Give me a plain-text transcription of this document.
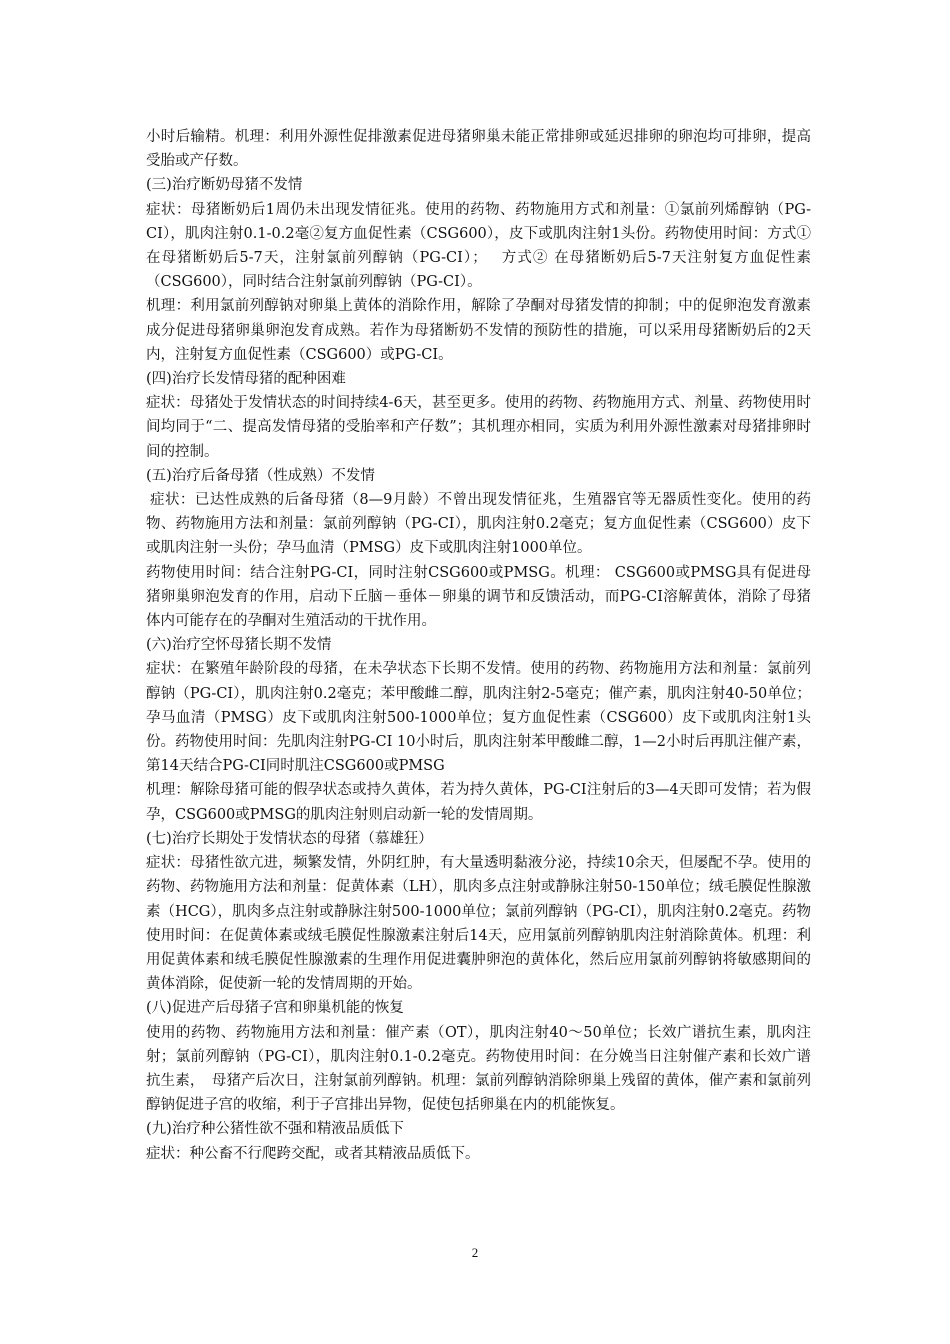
小时后输精。机理：利用外源性促排激素促进母猪卵巢未能正常排卵或延迟排卵的卵泡均可排卵，提高受胎或产仔数。

(三)治疗断奶母猪不发情

症状：母猪断奶后1周仍未出现发情征兆。使用的药物、药物施用方式和剂量：①氯前列烯醇钠（PG-CI），肌肉注射0.1-0.2毫②复方血促性素（CSG600），皮下或肌肉注射1头份。药物使用时间：方式① 在母猪断奶后5-7天，注射氯前列醇钠（PG-CI）；　 方式② 在母猪断奶后5-7天注射复方血促性素（CSG600），同时结合注射氯前列醇钠（PG-CI）。

机理：利用氯前列醇钠对卵巢上黄体的消除作用，解除了孕酮对母猪发情的抑制；中的促卵泡发育激素成分促进母猪卵巢卵泡发育成熟。若作为母猪断奶不发情的预防性的措施，可以采用母猪断奶后的2天内，注射复方血促性素（CSG600）或PG-CI。

(四)治疗长发情母猪的配种困难

症状：母猪处于发情状态的时间持续4-6天，甚至更多。使用的药物、药物施用方式、剂量、药物使用时间均同于“二、提高发情母猪的受胎率和产仔数”；其机理亦相同，实质为利用外源性激素对母猪排卵时间的控制。

(五)治疗后备母猪（性成熟）不发情

症状：已达性成熟的后备母猪（8—9月龄）不曾出现发情征兆，生殖器官等无器质性变化。使用的药物、药物施用方法和剂量：氯前列醇钠（PG-CI），肌肉注射0.2毫克；复方血促性素（CSG600）皮下或肌肉注射一头份；孕马血清（PMSG）皮下或肌肉注射1000单位。

药物使用时间：结合注射PG-CI，同时注射CSG600或PMSG。机理： CSG600或PMSG具有促进母猪卵巢卵泡发育的作用，启动下丘脑－垂体－卵巢的调节和反馈活动，而PG-CI溶解黄体，消除了母猪体内可能存在的孕酮对生殖活动的干扰作用。

(六)治疗空怀母猪长期不发情

症状：在繁殖年龄阶段的母猪，在未孕状态下长期不发情。使用的药物、药物施用方法和剂量：氯前列醇钠（PG-CI），肌肉注射0.2毫克；苯甲酸雌二醇，肌肉注射2-5毫克；催产素，肌肉注射40-50单位；孕马血清（PMSG）皮下或肌肉注射500-1000单位；复方血促性素（CSG600）皮下或肌肉注射1头份。药物使用时间：先肌肉注射PG-CI 10小时后，肌肉注射苯甲酸雌二醇，1—2小时后再肌注催产素，第14天结合PG-CI同时肌注CSG600或PMSG

机理：解除母猪可能的假孕状态或持久黄体，若为持久黄体，PG-CI注射后的3—4天即可发情；若为假孕，CSG600或PMSG的肌肉注射则启动新一轮的发情周期。

(七)治疗长期处于发情状态的母猪（慕雄狂）

症状：母猪性欲亢进，频繁发情，外阴红肿，有大量透明黏液分泌，持续10余天，但屡配不孕。使用的药物、药物施用方法和剂量：促黄体素（LH），肌肉多点注射或静脉注射50-150单位；绒毛膜促性腺激素（HCG），肌肉多点注射或静脉注射500-1000单位；氯前列醇钠（PG-CI），肌肉注射0.2毫克。药物使用时间：在促黄体素或绒毛膜促性腺激素注射后14天，应用氯前列醇钠肌肉注射消除黄体。机理：利用促黄体素和绒毛膜促性腺激素的生理作用促进囊肿卵泡的黄体化，然后应用氯前列醇钠将敏感期间的黄体消除，促使新一轮的发情周期的开始。

(八)促进产后母猪子宫和卵巢机能的恢复

使用的药物、药物施用方法和剂量：催产素（OT），肌肉注射40～50单位；长效广谱抗生素，肌肉注射；氯前列醇钠（PG-CI），肌肉注射0.1-0.2毫克。药物使用时间：在分娩当日注射催产素和长效广谱抗生素，　母猪产后次日，注射氯前列醇钠。机理：氯前列醇钠消除卵巢上残留的黄体，催产素和氯前列醇钠促进子宫的收缩，利于子宫排出异物，促使包括卵巢在内的机能恢复。

(九)治疗种公猪性欲不强和精液品质低下

症状：种公畜不行爬跨交配，或者其精液品质低下。

2
